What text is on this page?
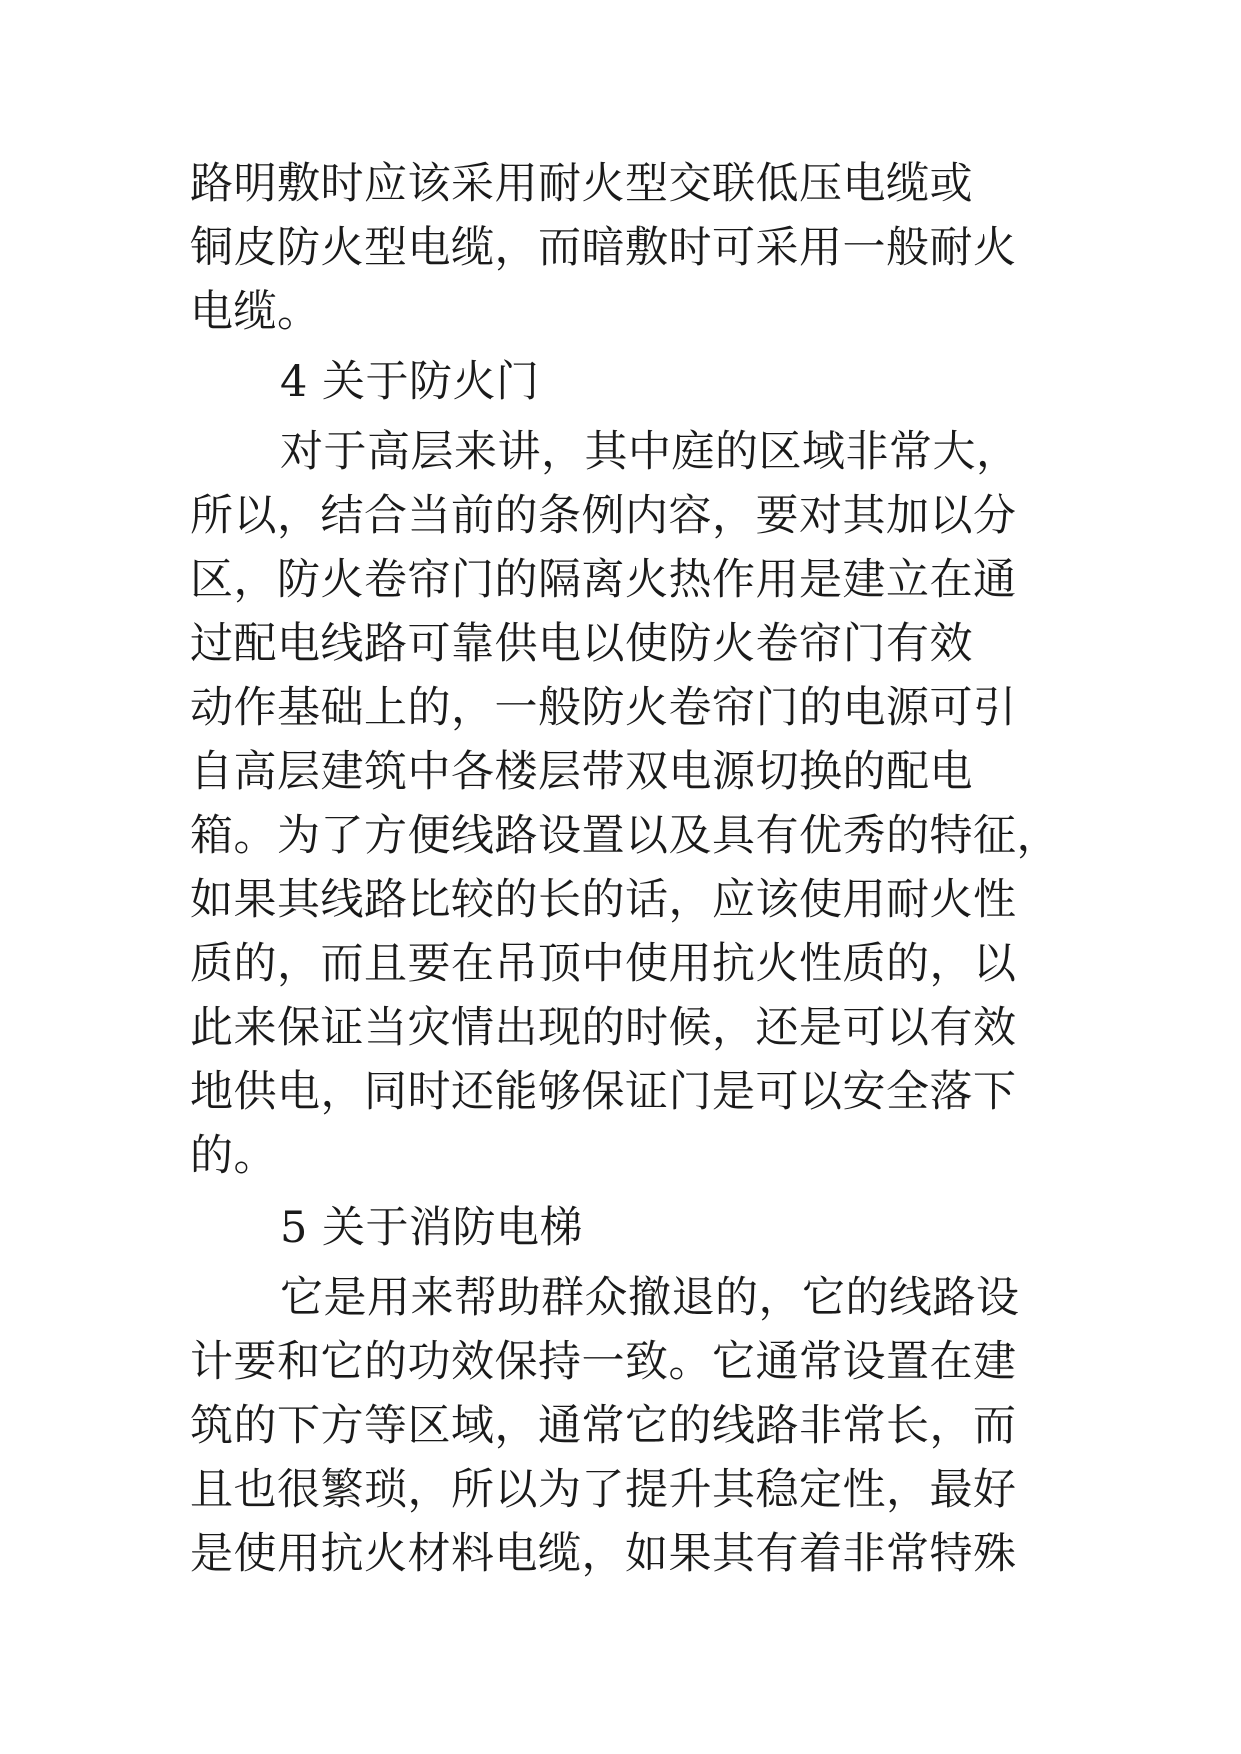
路明敷时应该采用耐火型交联低压电缆或
铜皮防火型电缆，而暗敷时可采用一般耐火
电缆。
4 关于防火门
对于高层来讲，其中庭的区域非常大，
所以，结合当前的条例内容，要对其加以分
区，防火卷帘门的隔离火热作用是建立在通
过配电线路可靠供电以使防火卷帘门有效
动作基础上的，一般防火卷帘门的电源可引
自高层建筑中各楼层带双电源切换的配电
箱。为了方便线路设置以及具有优秀的特征，
如果其线路比较的长的话，应该使用耐火性
质的，而且要在吊顶中使用抗火性质的，以
此来保证当灾情出现的时候，还是可以有效
地供电，同时还能够保证门是可以安全落下
的。
5 关于消防电梯
它是用来帮助群众撤退的，它的线路设
计要和它的功效保持一致。它通常设置在建
筑的下方等区域，通常它的线路非常长，而
且也很繁琐，所以为了提升其稳定性，最好
是使用抗火材料电缆，如果其有着非常特殊
